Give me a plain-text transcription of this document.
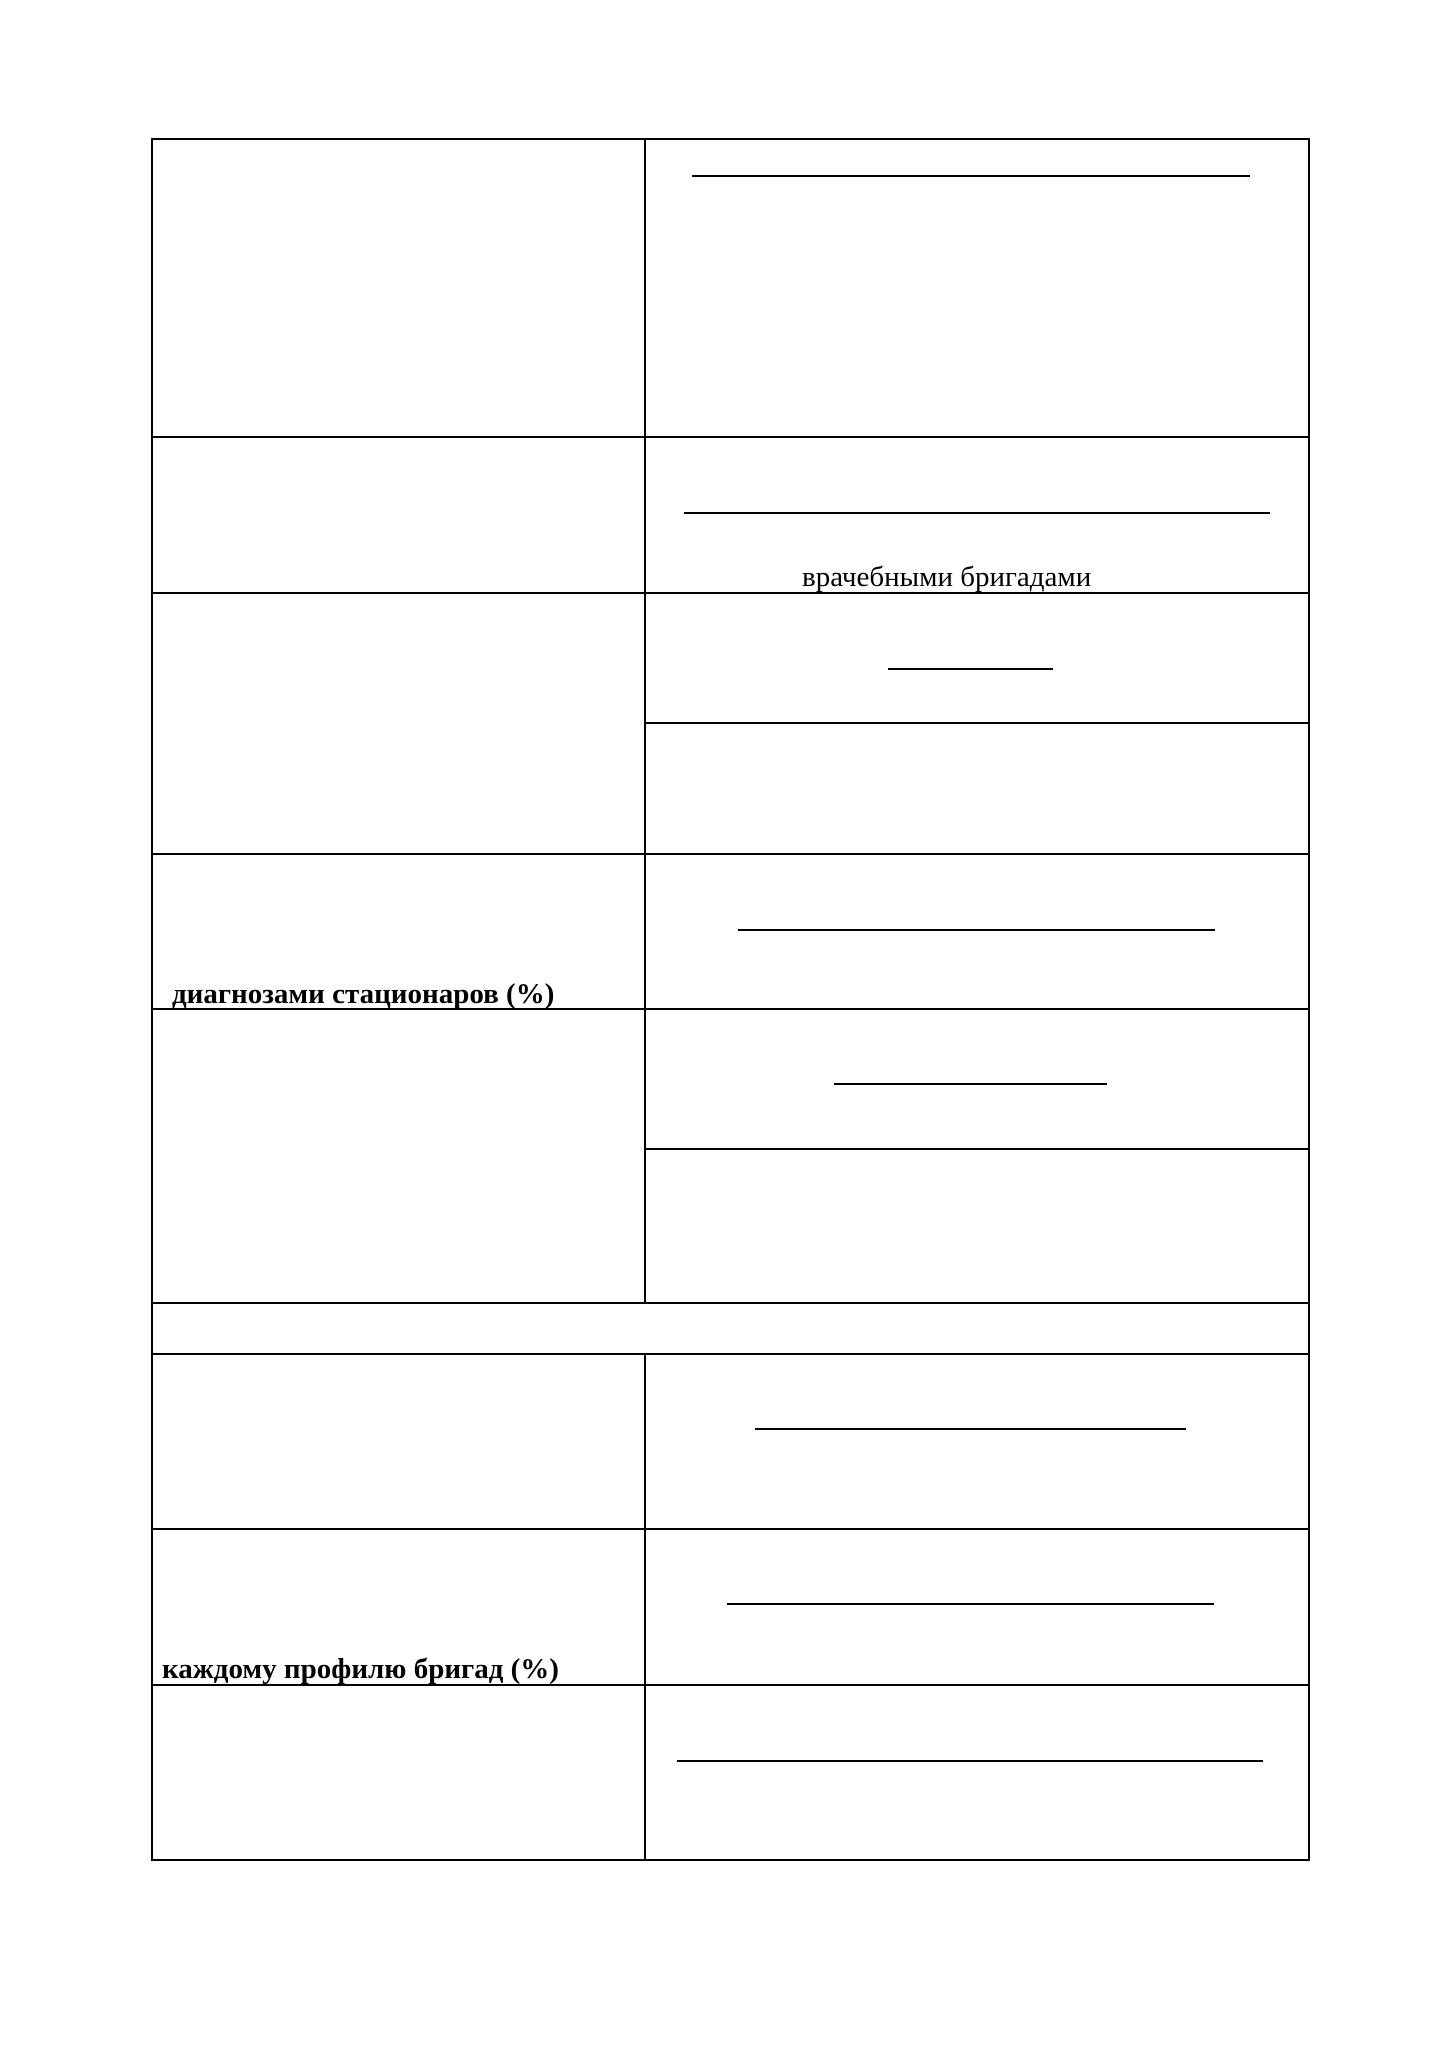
врачебными бригадами
диагнозами стационаров (%)
каждому профилю бригад (%)
